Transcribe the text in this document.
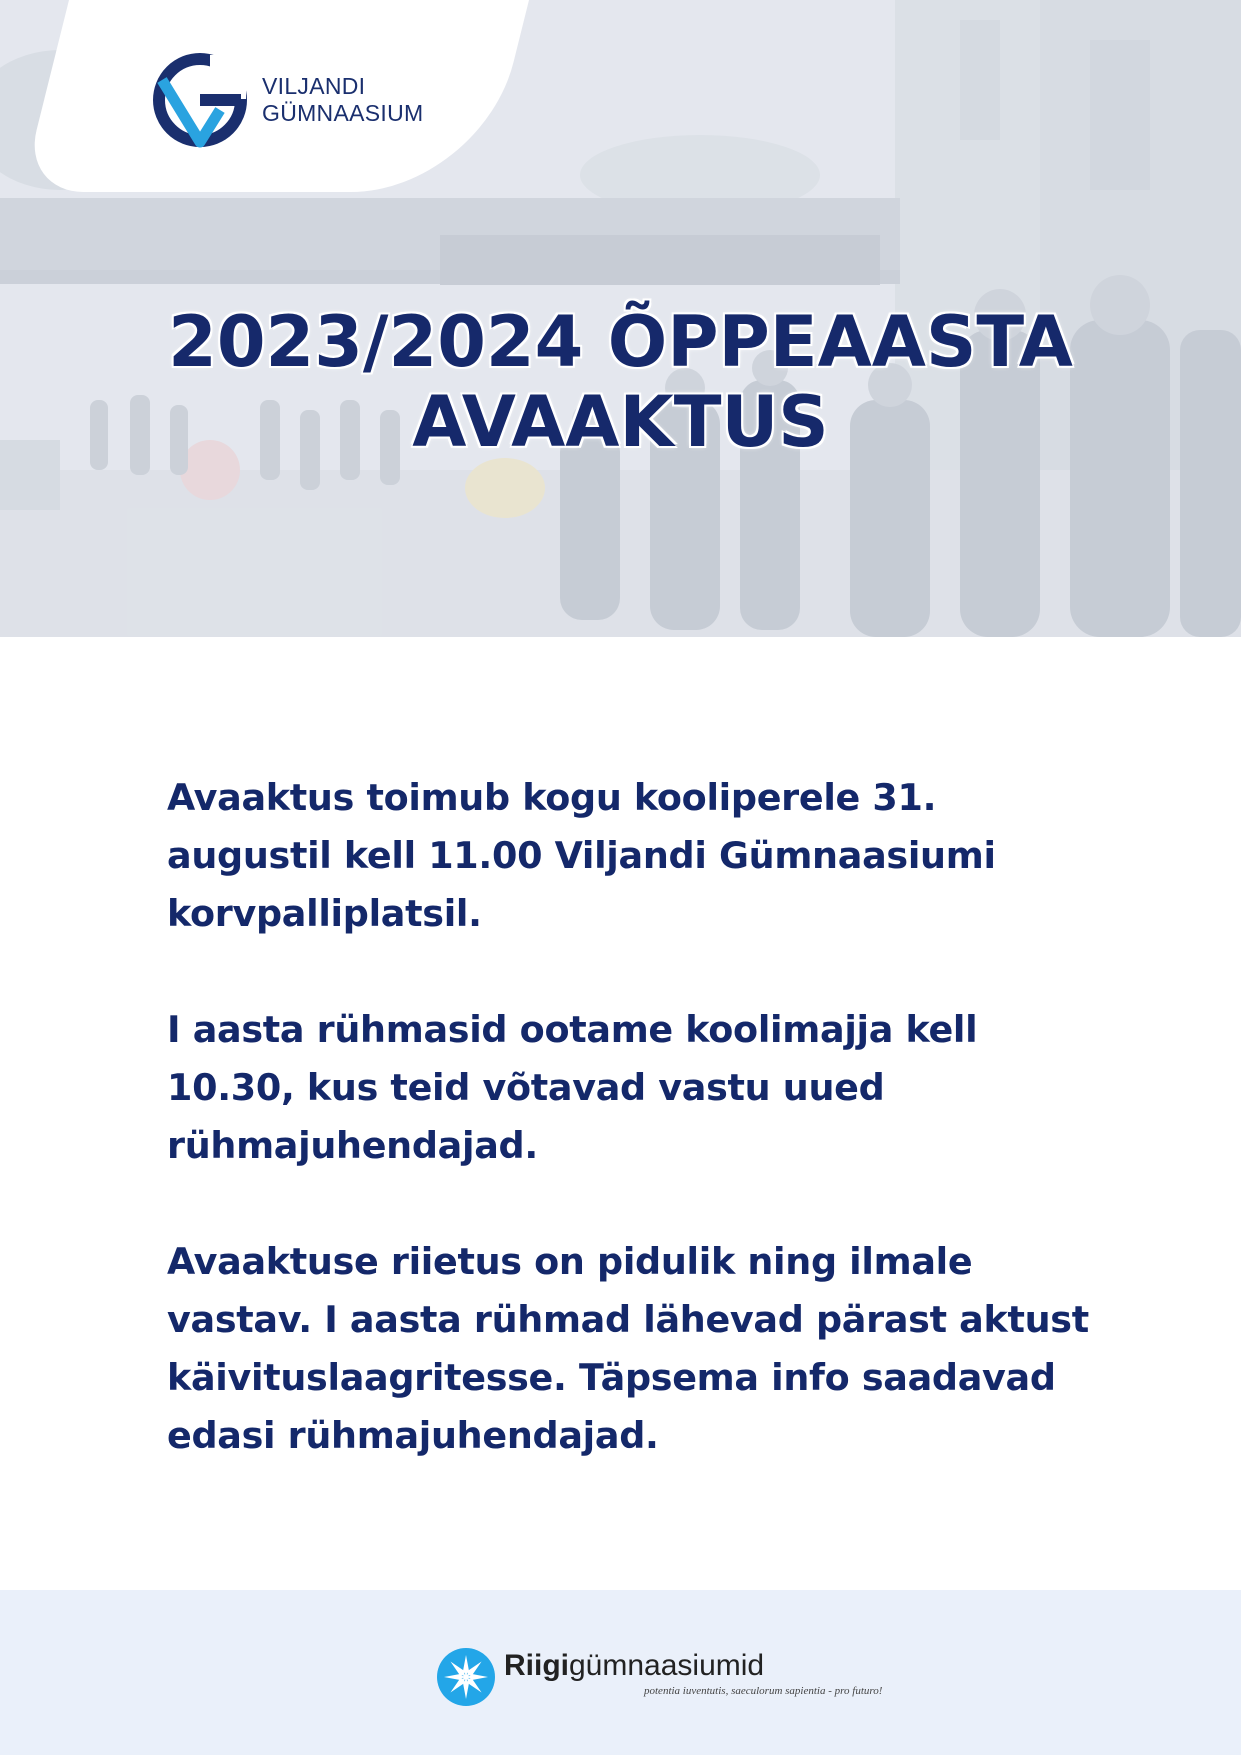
VILJANDI
GÜMNAASIUM
2023/2024 ÕPPEAASTA
AVAAKTUS

Avaaktus toimub kogu kooliperele 31. augustil kell 11.00 Viljandi Gümnaasiumi korvpalliplatsil.

I aasta rühmasid ootame koolimajja kell 10.30, kus teid võtavad vastu uued rühmajuhendajad.

Avaaktuse riietus on pidulik ning ilmale vastav. I aasta rühmad lähevad pärast aktust käivituslaagritesse. Täpsema info saadavad edasi rühmajuhendajad.

Riigigümnaasiumid
potentia iuventutis, saeculorum sapientia - pro futuro!
